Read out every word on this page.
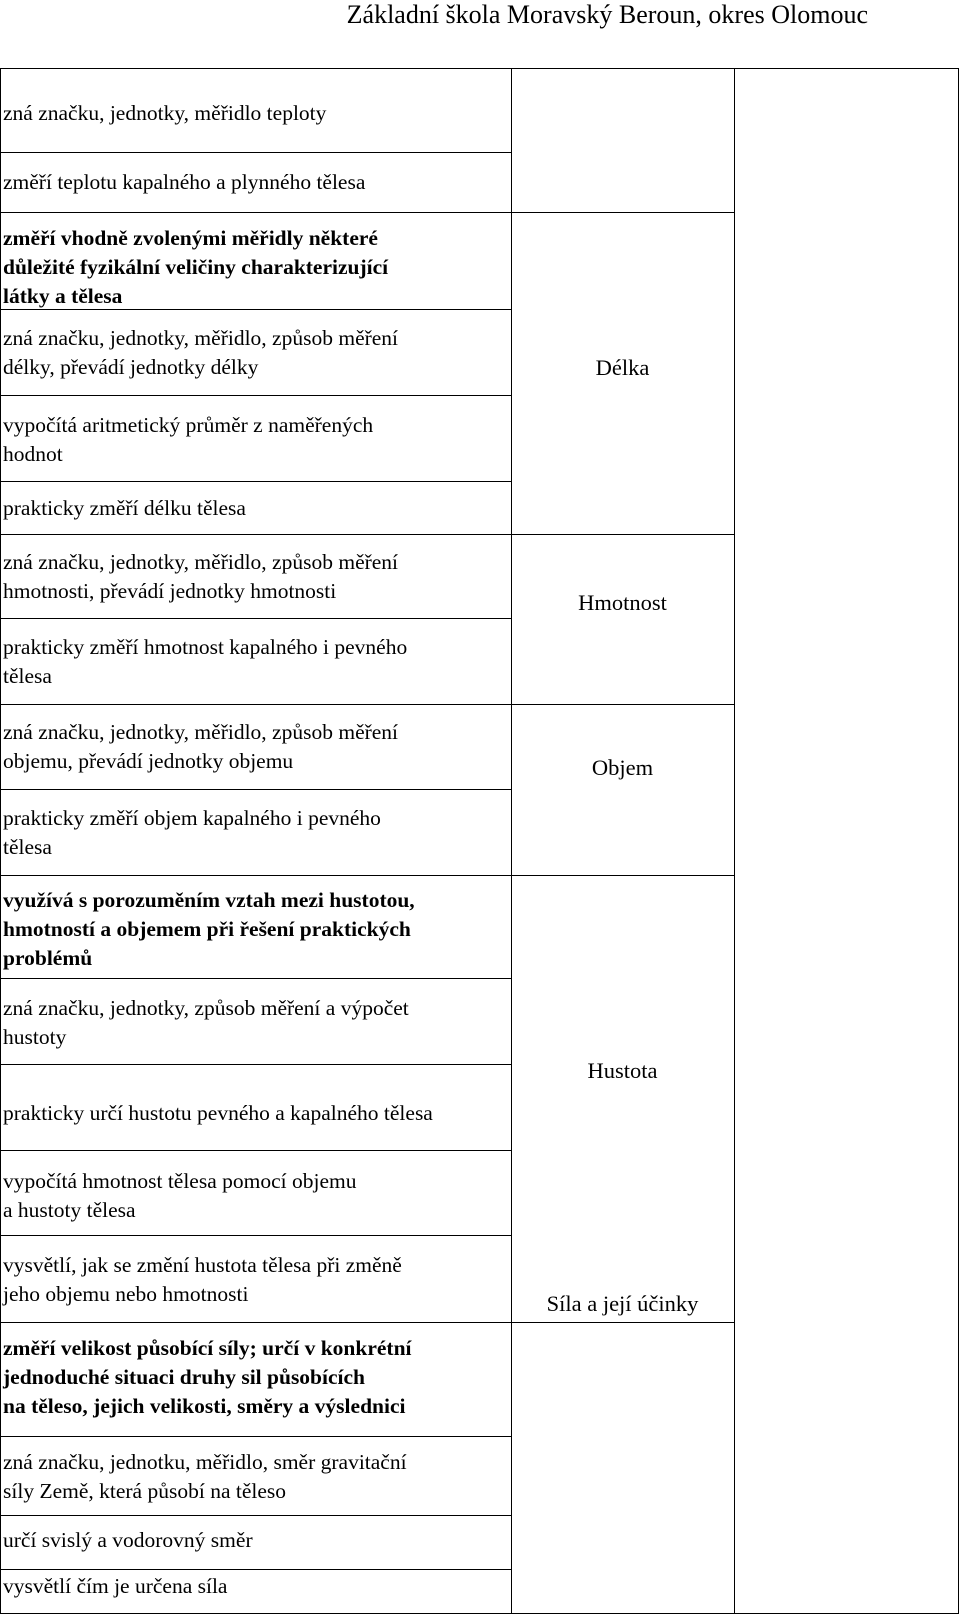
Základní škola Moravský Beroun, okres Olomouc
zná značku, jednotky, měřidlo teploty
změří teplotu kapalného a plynného tělesa
změří vhodně zvolenými měřidly některé
důležité fyzikální veličiny charakterizující
látky a tělesa
zná značku, jednotky, měřidlo, způsob měření
délky, převádí jednotky délky
vypočítá aritmetický průměr z naměřených
hodnot
prakticky změří délku tělesa
zná značku, jednotky, měřidlo, způsob měření
hmotnosti, převádí jednotky hmotnosti
prakticky změří hmotnost kapalného i pevného
tělesa
zná značku, jednotky, měřidlo, způsob měření
objemu, převádí jednotky objemu
prakticky změří objem kapalného i pevného
tělesa
využívá s porozuměním vztah mezi hustotou,
hmotností a objemem při řešení praktických
problémů
zná značku, jednotky, způsob měření a výpočet
hustoty
prakticky určí hustotu pevného a kapalného tělesa
vypočítá hmotnost tělesa pomocí objemu
a hustoty tělesa
vysvětlí, jak se změní hustota tělesa při změně
jeho objemu nebo hmotnosti
změří velikost působící síly; určí v konkrétní
jednoduché situaci druhy sil působících
na těleso, jejich velikosti, směry a výslednici
zná značku, jednotku, měřidlo, směr gravitační
síly Země, která působí na těleso
určí svislý a vodorovný směr
vysvětlí čím je určena síla
Délka
Hmotnost
Objem
Hustota
Síla a její účinky
